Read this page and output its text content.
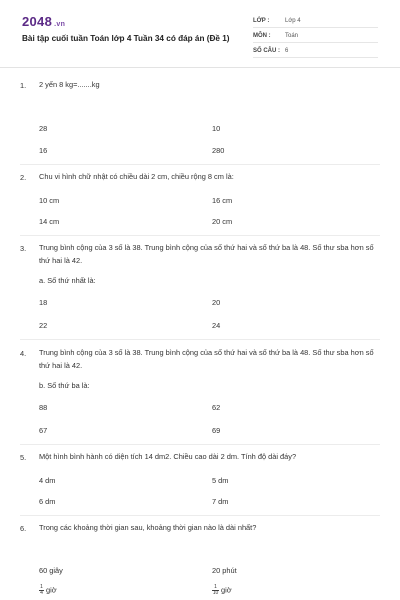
2048 .vn
Bài tập cuối tuần Toán lớp 4 Tuần 34 có đáp án (Đề 1)
LỚP :	Lớp 4
MÔN : Toán
SỐ CÂU : 6
1. 2 yến 8 kg=.......kg
28	10
16	280
2. Chu vi hình chữ nhật có chiều dài 2 cm, chiều rộng 8 cm là:
10 cm	16 cm
14 cm	20 cm
3. Trung bình cộng của 3 số là 38. Trung bình cộng của số thứ hai và số thứ ba là 48. Số thư sba hơn số thứ hai là 42.
a. Số thứ nhất là:
18	20
22	24
4. Trung bình cộng của 3 số là 38. Trung bình cộng của số thứ hai và số thứ ba là 48. Số thư sba hơn số thứ hai là 42.
b. Số thứ ba là:
88	62
67	69
5. Một hình bình hành có diện tích 14 dm2. Chiều cao dài 2 dm. Tính độ dài đáy?
4 dm	5 dm
6 dm	7 dm
6. Trong các khoảng thời gian sau, khoảng thời gian nào là dài nhất?
60 giây	20 phút
$\frac{1}{4}$ giờ	$\frac{1}{10}$ giờ
